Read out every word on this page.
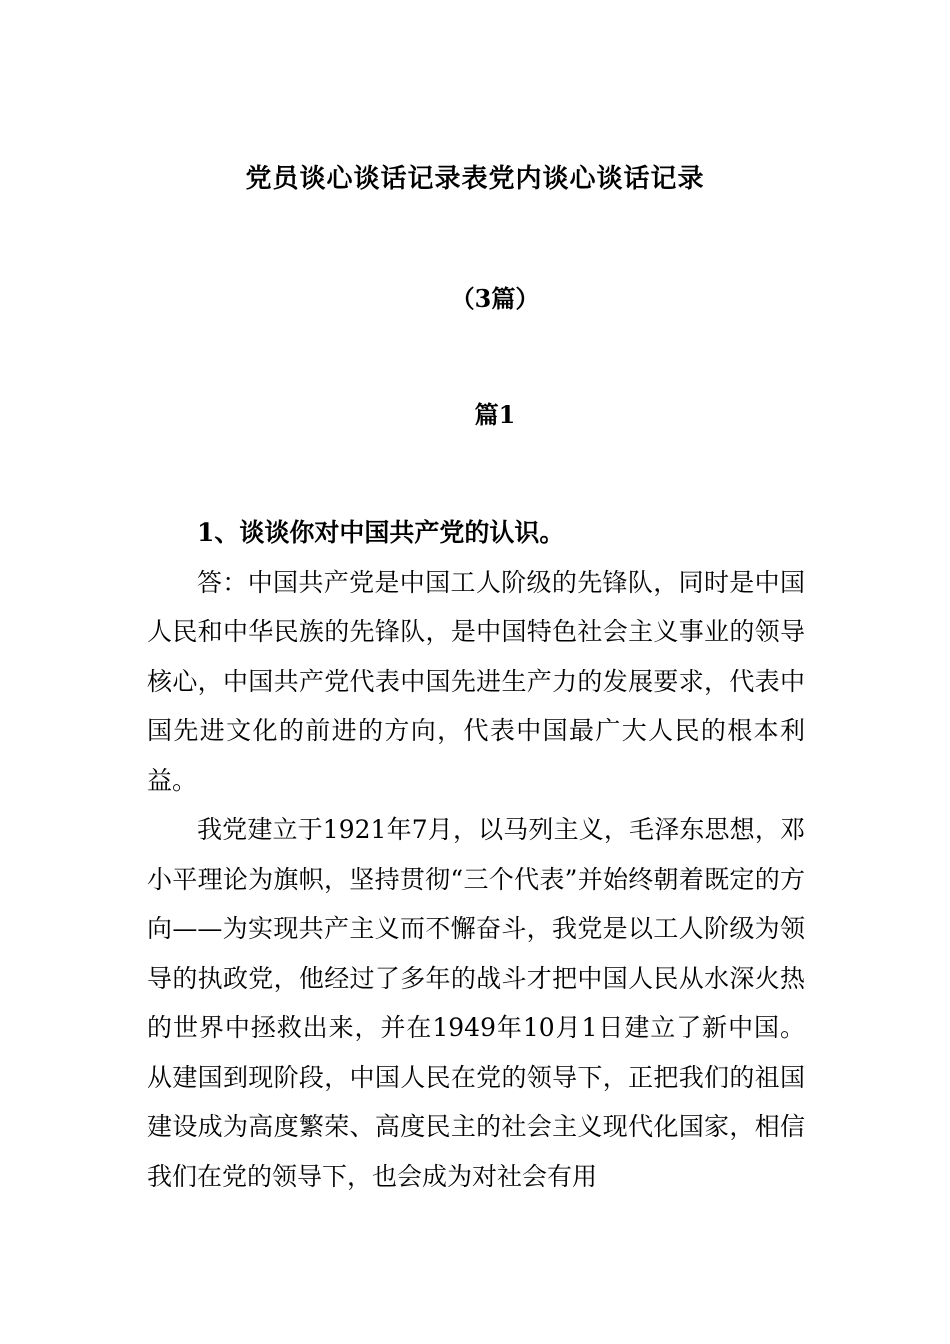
党员谈心谈话记录表党内谈心谈话记录
（3篇）
篇1

1、谈谈你对中国共产党的认识。

答：中国共产党是中国工人阶级的先锋队，同时是中国人民和中华民族的先锋队，是中国特色社会主义事业的领导核心，中国共产党代表中国先进生产力的发展要求，代表中国先进文化的前进的方向，代表中国最广大人民的根本利益。

我党建立于1921年7月，以马列主义，毛泽东思想，邓小平理论为旗帜，坚持贯彻“三个代表”并始终朝着既定的方向——为实现共产主义而不懈奋斗，我党是以工人阶级为领导的执政党，他经过了多年的战斗才把中国人民从水深火热的世界中拯救出来，并在1949年10月1日建立了新中国。从建国到现阶段，中国人民在党的领导下，正把我们的祖国建设成为高度繁荣、高度民主的社会主义现代化国家，相信我们在党的领导下，也会成为对社会有用
